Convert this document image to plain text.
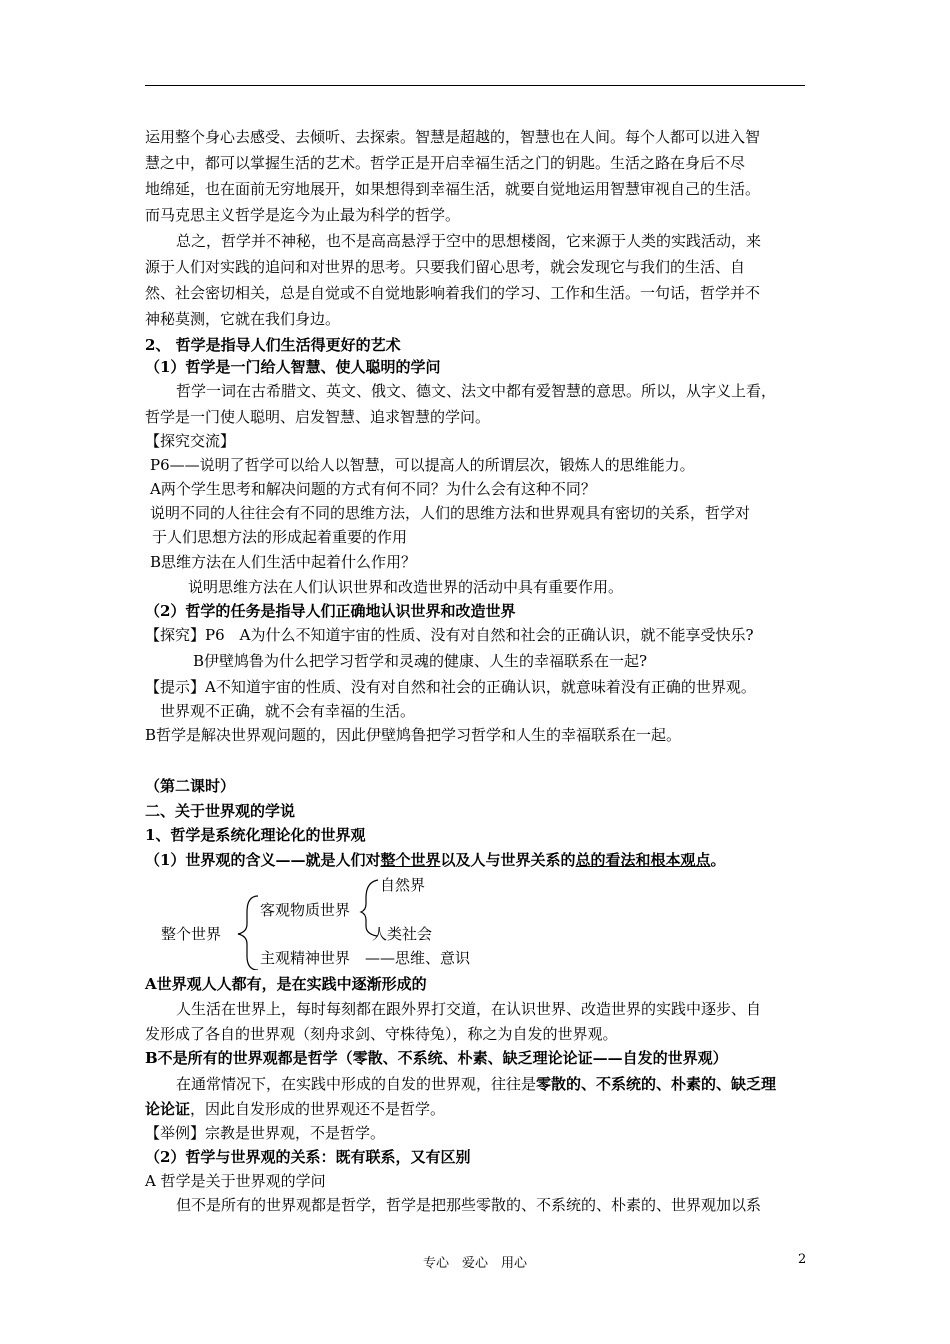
运用整个身心去感受、去倾听、去探索。智慧是超越的，智慧也在人间。每个人都可以进入智
慧之中，都可以掌握生活的艺术。哲学正是开启幸福生活之门的钥匙。生活之路在身后不尽
地绵延，也在面前无穷地展开，如果想得到幸福生活，就要自觉地运用智慧审视自己的生活。
而马克思主义哲学是迄今为止最为科学的哲学。
总之，哲学并不神秘，也不是高高悬浮于空中的思想楼阁，它来源于人类的实践活动，来
源于人们对实践的追问和对世界的思考。只要我们留心思考，就会发现它与我们的生活、自
然、社会密切相关，总是自觉或不自觉地影响着我们的学习、工作和生活。一句话，哲学并不
神秘莫测，它就在我们身边。
2、 哲学是指导人们生活得更好的艺术
（1）哲学是一门给人智慧、使人聪明的学问
哲学一词在古希腊文、英文、俄文、德文、法文中都有爱智慧的意思。所以，从字义上看，
哲学是一门使人聪明、启发智慧、追求智慧的学问。
【探究交流】
P6——说明了哲学可以给人以智慧，可以提高人的所谓层次，锻炼人的思维能力。
A两个学生思考和解决问题的方式有何不同？为什么会有这种不同？
说明不同的人往往会有不同的思维方法，人们的思维方法和世界观具有密切的关系，哲学对
于人们思想方法的形成起着重要的作用
B思维方法在人们生活中起着什么作用？
说明思维方法在人们认识世界和改造世界的活动中具有重要作用。
（2）哲学的任务是指导人们正确地认识世界和改造世界
【探究】P6　A为什么不知道宇宙的性质、没有对自然和社会的正确认识，就不能享受快乐?
B伊壁鸠鲁为什么把学习哲学和灵魂的健康、人生的幸福联系在一起?
【提示】A不知道宇宙的性质、没有对自然和社会的正确认识，就意味着没有正确的世界观。
世界观不正确，就不会有幸福的生活。
B哲学是解决世界观问题的，因此伊壁鸠鲁把学习哲学和人生的幸福联系在一起。
（第二课时）
二、关于世界观的学说
1、哲学是系统化理论化的世界观
（1）世界观的含义——就是人们对整个世界以及人与世界关系的总的看法和根本观点。
整个世界
客观物质世界
自然界
人类社会
主观精神世界　——思维、意识
A世界观人人都有，是在实践中逐渐形成的
人生活在世界上，每时每刻都在跟外界打交道，在认识世界、改造世界的实践中逐步、自
发形成了各自的世界观（刻舟求剑、守株待兔），称之为自发的世界观。
B不是所有的世界观都是哲学（零散、不系统、朴素、缺乏理论论证——自发的世界观）
在通常情况下，在实践中形成的自发的世界观，往往是零散的、不系统的、朴素的、缺乏理
论论证，因此自发形成的世界观还不是哲学。
【举例】宗教是世界观，不是哲学。
（2）哲学与世界观的关系：既有联系，又有区别
A 哲学是关于世界观的学问
但不是所有的世界观都是哲学，哲学是把那些零散的、不系统的、朴素的、世界观加以系
专心　爱心　用心	2
